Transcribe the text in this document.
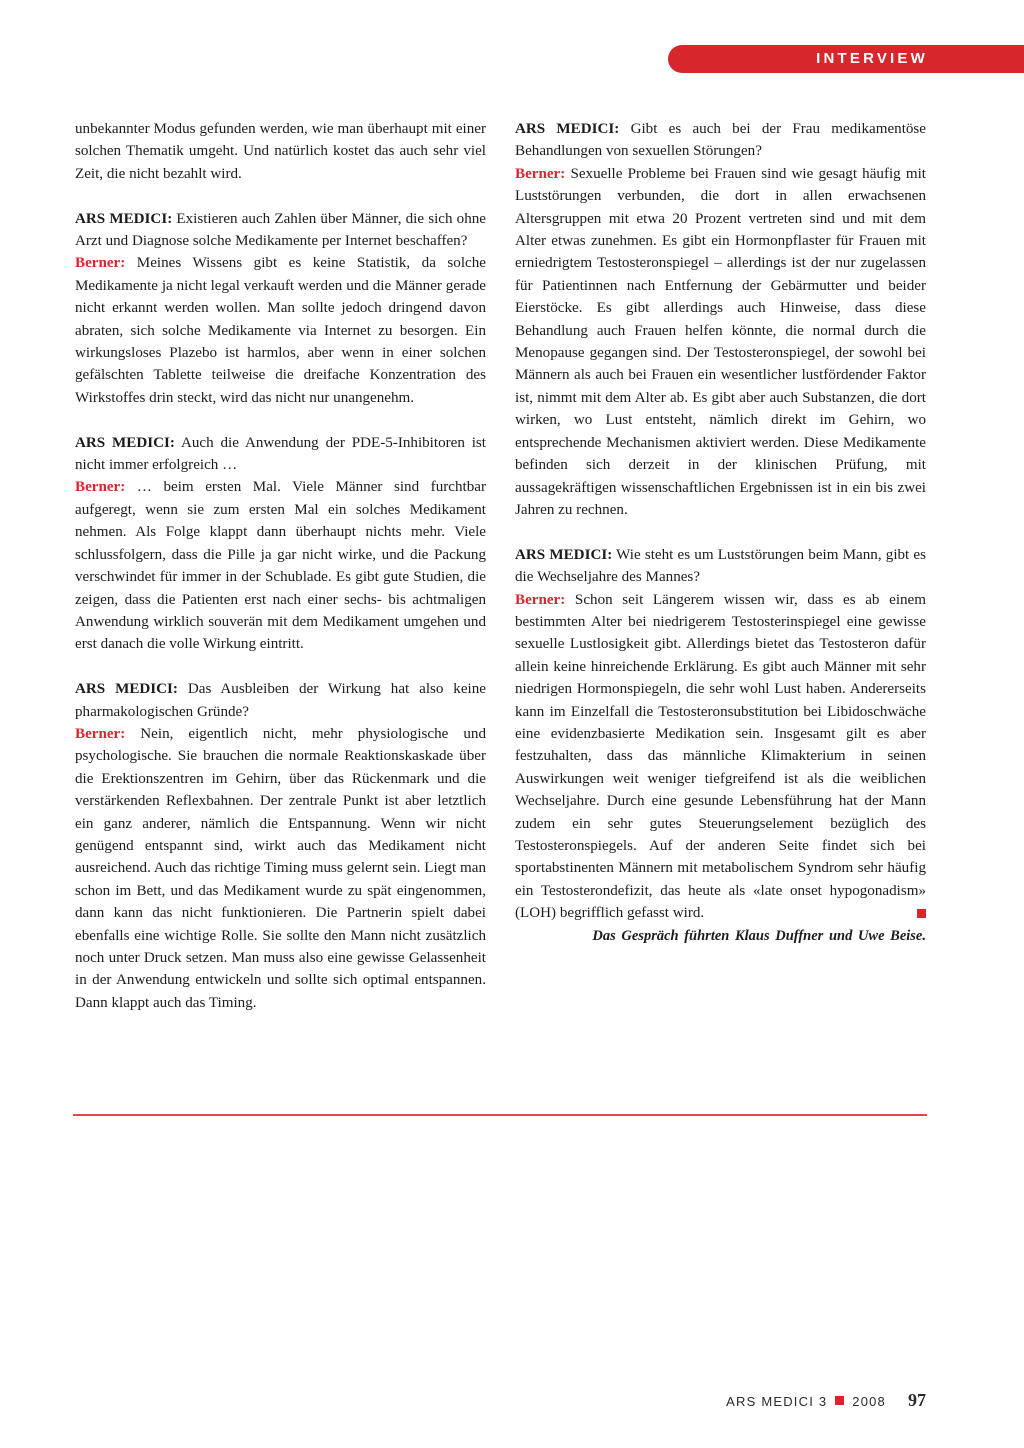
INTERVIEW

unbekannter Modus gefunden werden, wie man überhaupt mit einer solchen Thematik umgeht. Und natürlich kostet das auch sehr viel Zeit, die nicht bezahlt wird.

ARS MEDICI: Existieren auch Zahlen über Männer, die sich ohne Arzt und Diagnose solche Medikamente per Internet beschaffen?

Berner: Meines Wissens gibt es keine Statistik, da solche Medikamente ja nicht legal verkauft werden und die Männer gerade nicht erkannt werden wollen. Man sollte jedoch dringend davon abraten, sich solche Medikamente via Internet zu besorgen. Ein wirkungsloses Plazebo ist harmlos, aber wenn in einer solchen gefälschten Tablette teilweise die dreifache Konzentration des Wirkstoffes drin steckt, wird das nicht nur unangenehm.

ARS MEDICI: Auch die Anwendung der PDE-5-Inhibitoren ist nicht immer erfolgreich …

Berner: … beim ersten Mal. Viele Männer sind furchtbar aufgeregt, wenn sie zum ersten Mal ein solches Medikament nehmen. Als Folge klappt dann überhaupt nichts mehr. Viele schlussfolgern, dass die Pille ja gar nicht wirke, und die Packung verschwindet für immer in der Schublade. Es gibt gute Studien, die zeigen, dass die Patienten erst nach einer sechs- bis achtmaligen Anwendung wirklich souverän mit dem Medikament umgehen und erst danach die volle Wirkung eintritt.

ARS MEDICI: Das Ausbleiben der Wirkung hat also keine pharmakologischen Gründe?

Berner: Nein, eigentlich nicht, mehr physiologische und psychologische. Sie brauchen die normale Reaktionskaskade über die Erektionszentren im Gehirn, über das Rückenmark und die verstärkenden Reflexbahnen. Der zentrale Punkt ist aber letztlich ein ganz anderer, nämlich die Entspannung. Wenn wir nicht genügend entspannt sind, wirkt auch das Medikament nicht ausreichend. Auch das richtige Timing muss gelernt sein. Liegt man schon im Bett, und das Medikament wurde zu spät eingenommen, dann kann das nicht funktionieren. Die Partnerin spielt dabei ebenfalls eine wichtige Rolle. Sie sollte den Mann nicht zusätzlich noch unter Druck setzen. Man muss also eine gewisse Gelassenheit in der Anwendung entwickeln und sollte sich optimal entspannen. Dann klappt auch das Timing.

ARS MEDICI: Gibt es auch bei der Frau medikamentöse Behandlungen von sexuellen Störungen?

Berner: Sexuelle Probleme bei Frauen sind wie gesagt häufig mit Luststörungen verbunden, die dort in allen erwachsenen Altersgruppen mit etwa 20 Prozent vertreten sind und mit dem Alter etwas zunehmen. Es gibt ein Hormonpflaster für Frauen mit erniedrigtem Testosteronspiegel – allerdings ist der nur zugelassen für Patientinnen nach Entfernung der Gebärmutter und beider Eierstöcke. Es gibt allerdings auch Hinweise, dass diese Behandlung auch Frauen helfen könnte, die normal durch die Menopause gegangen sind. Der Testosteronspiegel, der sowohl bei Männern als auch bei Frauen ein wesentlicher lustfördender Faktor ist, nimmt mit dem Alter ab. Es gibt aber auch Substanzen, die dort wirken, wo Lust entsteht, nämlich direkt im Gehirn, wo entsprechende Mechanismen aktiviert werden. Diese Medikamente befinden sich derzeit in der klinischen Prüfung, mit aussagekräftigen wissenschaftlichen Ergebnissen ist in ein bis zwei Jahren zu rechnen.

ARS MEDICI: Wie steht es um Luststörungen beim Mann, gibt es die Wechseljahre des Mannes?

Berner: Schon seit Längerem wissen wir, dass es ab einem bestimmten Alter bei niedrigerem Testosterinspiegel eine gewisse sexuelle Lustlosigkeit gibt. Allerdings bietet das Testosteron dafür allein keine hinreichende Erklärung. Es gibt auch Männer mit sehr niedrigen Hormonspiegeln, die sehr wohl Lust haben. Andererseits kann im Einzelfall die Testosteronsubstitution bei Libidoschwäche eine evidenzbasierte Medikation sein. Insgesamt gilt es aber festzuhalten, dass das männliche Klimakterium in seinen Auswirkungen weit weniger tiefgreifend ist als die weiblichen Wechseljahre. Durch eine gesunde Lebensführung hat der Mann zudem ein sehr gutes Steuerungselement bezüglich des Testosteronspiegels. Auf der anderen Seite findet sich bei sportabstinenten Männern mit metabolischem Syndrom sehr häufig ein Testosterondefizit, das heute als «late onset hypogonadism» (LOH) begrifflich gefasst wird.

Das Gespräch führten Klaus Duffner und Uwe Beise.

ARS MEDICI 3 2008 97
